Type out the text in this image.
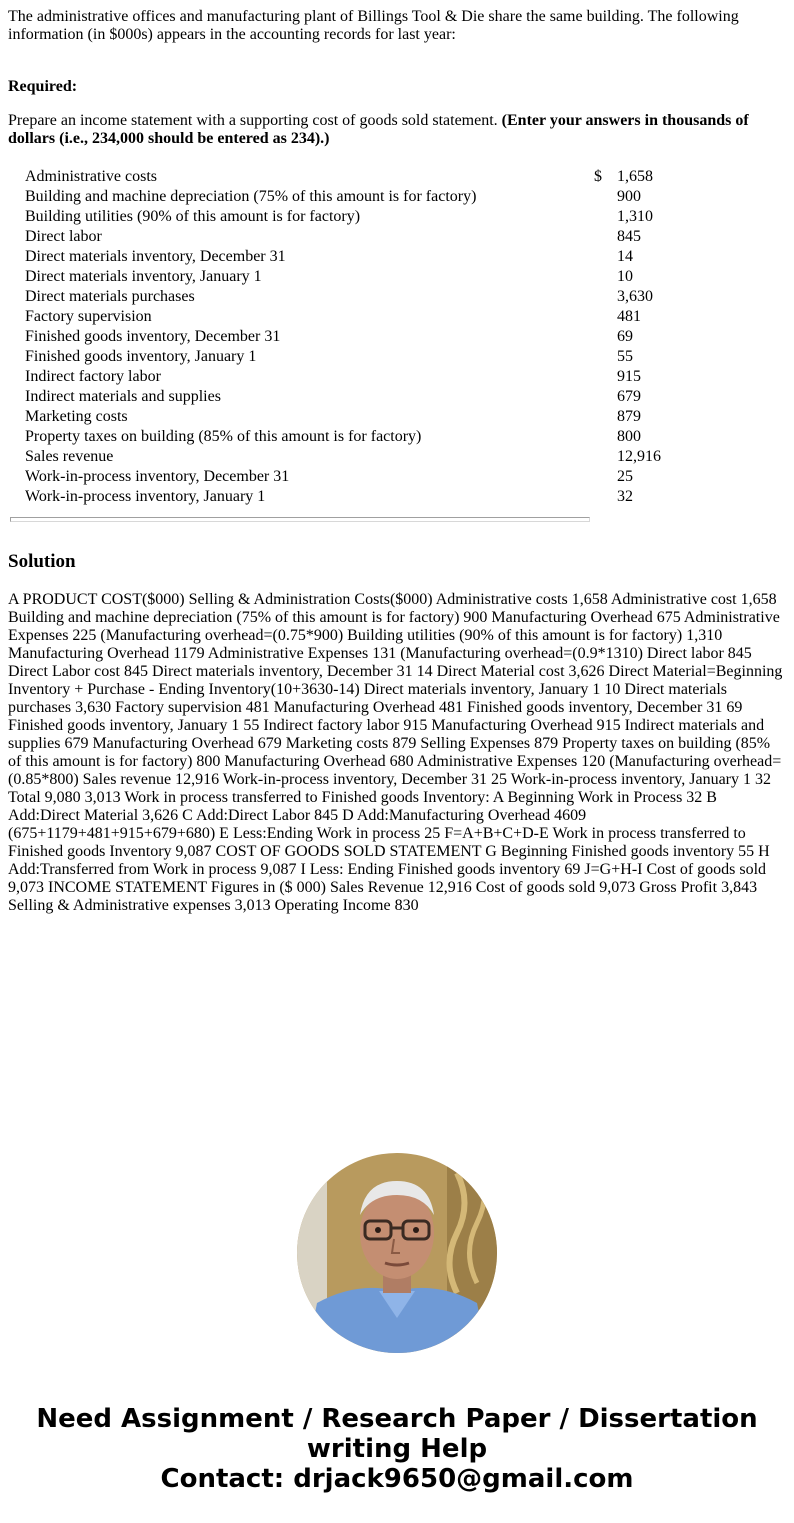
The administrative offices and manufacturing plant of Billings Tool & Die share the same building. The following information (in $000s) appears in the accounting records for last year:

Required:

Prepare an income statement with a supporting cost of goods sold statement. (Enter your answers in thousands of dollars (i.e., 234,000 should be entered as 234).)

Administrative costs	$	1,658
Building and machine depreciation (75% of this amount is for factory)		900
Building utilities (90% of this amount is for factory)		1,310
Direct labor		845
Direct materials inventory, December 31		14
Direct materials inventory, January 1		10
Direct materials purchases		3,630
Factory supervision		481
Finished goods inventory, December 31		69
Finished goods inventory, January 1		55
Indirect factory labor		915
Indirect materials and supplies		679
Marketing costs		879
Property taxes on building (85% of this amount is for factory)		800
Sales revenue		12,916
Work-in-process inventory, December 31		25
Work-in-process inventory, January 1		32
Solution

A PRODUCT COST($000) Selling & Administration Costs($000) Administrative costs 1,658 Administrative cost 1,658 Building and machine depreciation (75% of this amount is for factory) 900 Manufacturing Overhead 675 Administrative Expenses 225 (Manufacturing overhead=(0.75*900) Building utilities (90% of this amount is for factory) 1,310 Manufacturing Overhead 1179 Administrative Expenses 131 (Manufacturing overhead=(0.9*1310) Direct labor 845 Direct Labor cost 845 Direct materials inventory, December 31 14 Direct Material cost 3,626 Direct Material=Beginning Inventory + Purchase - Ending Inventory(10+3630-14) Direct materials inventory, January 1 10 Direct materials purchases 3,630 Factory supervision 481 Manufacturing Overhead 481 Finished goods inventory, December 31 69 Finished goods inventory, January 1 55 Indirect factory labor 915 Manufacturing Overhead 915 Indirect materials and supplies 679 Manufacturing Overhead 679 Marketing costs 879 Selling Expenses 879 Property taxes on building (85% of this amount is for factory) 800 Manufacturing Overhead 680 Administrative Expenses 120 (Manufacturing overhead=(0.85*800) Sales revenue 12,916 Work-in-process inventory, December 31 25 Work-in-process inventory, January 1 32 Total 9,080 3,013 Work in process transferred to Finished goods Inventory: A Beginning Work in Process 32 B Add:Direct Material 3,626 C Add:Direct Labor 845 D Add:Manufacturing Overhead 4609 (675+1179+481+915+679+680) E Less:Ending Work in process 25 F=A+B+C+D-E Work in process transferred to Finished goods Inventory 9,087 COST OF GOODS SOLD STATEMENT G Beginning Finished goods inventory 55 H Add:Transferred from Work in process 9,087 I Less: Ending Finished goods inventory 69 J=G+H-I Cost of goods sold 9,073 INCOME STATEMENT Figures in ($ 000) Sales Revenue 12,916 Cost of goods sold 9,073 Gross Profit 3,843 Selling & Administrative expenses 3,013 Operating Income 830

Need Assignment / Research Paper / Dissertation writing Help
Contact: drjack9650@gmail.com
